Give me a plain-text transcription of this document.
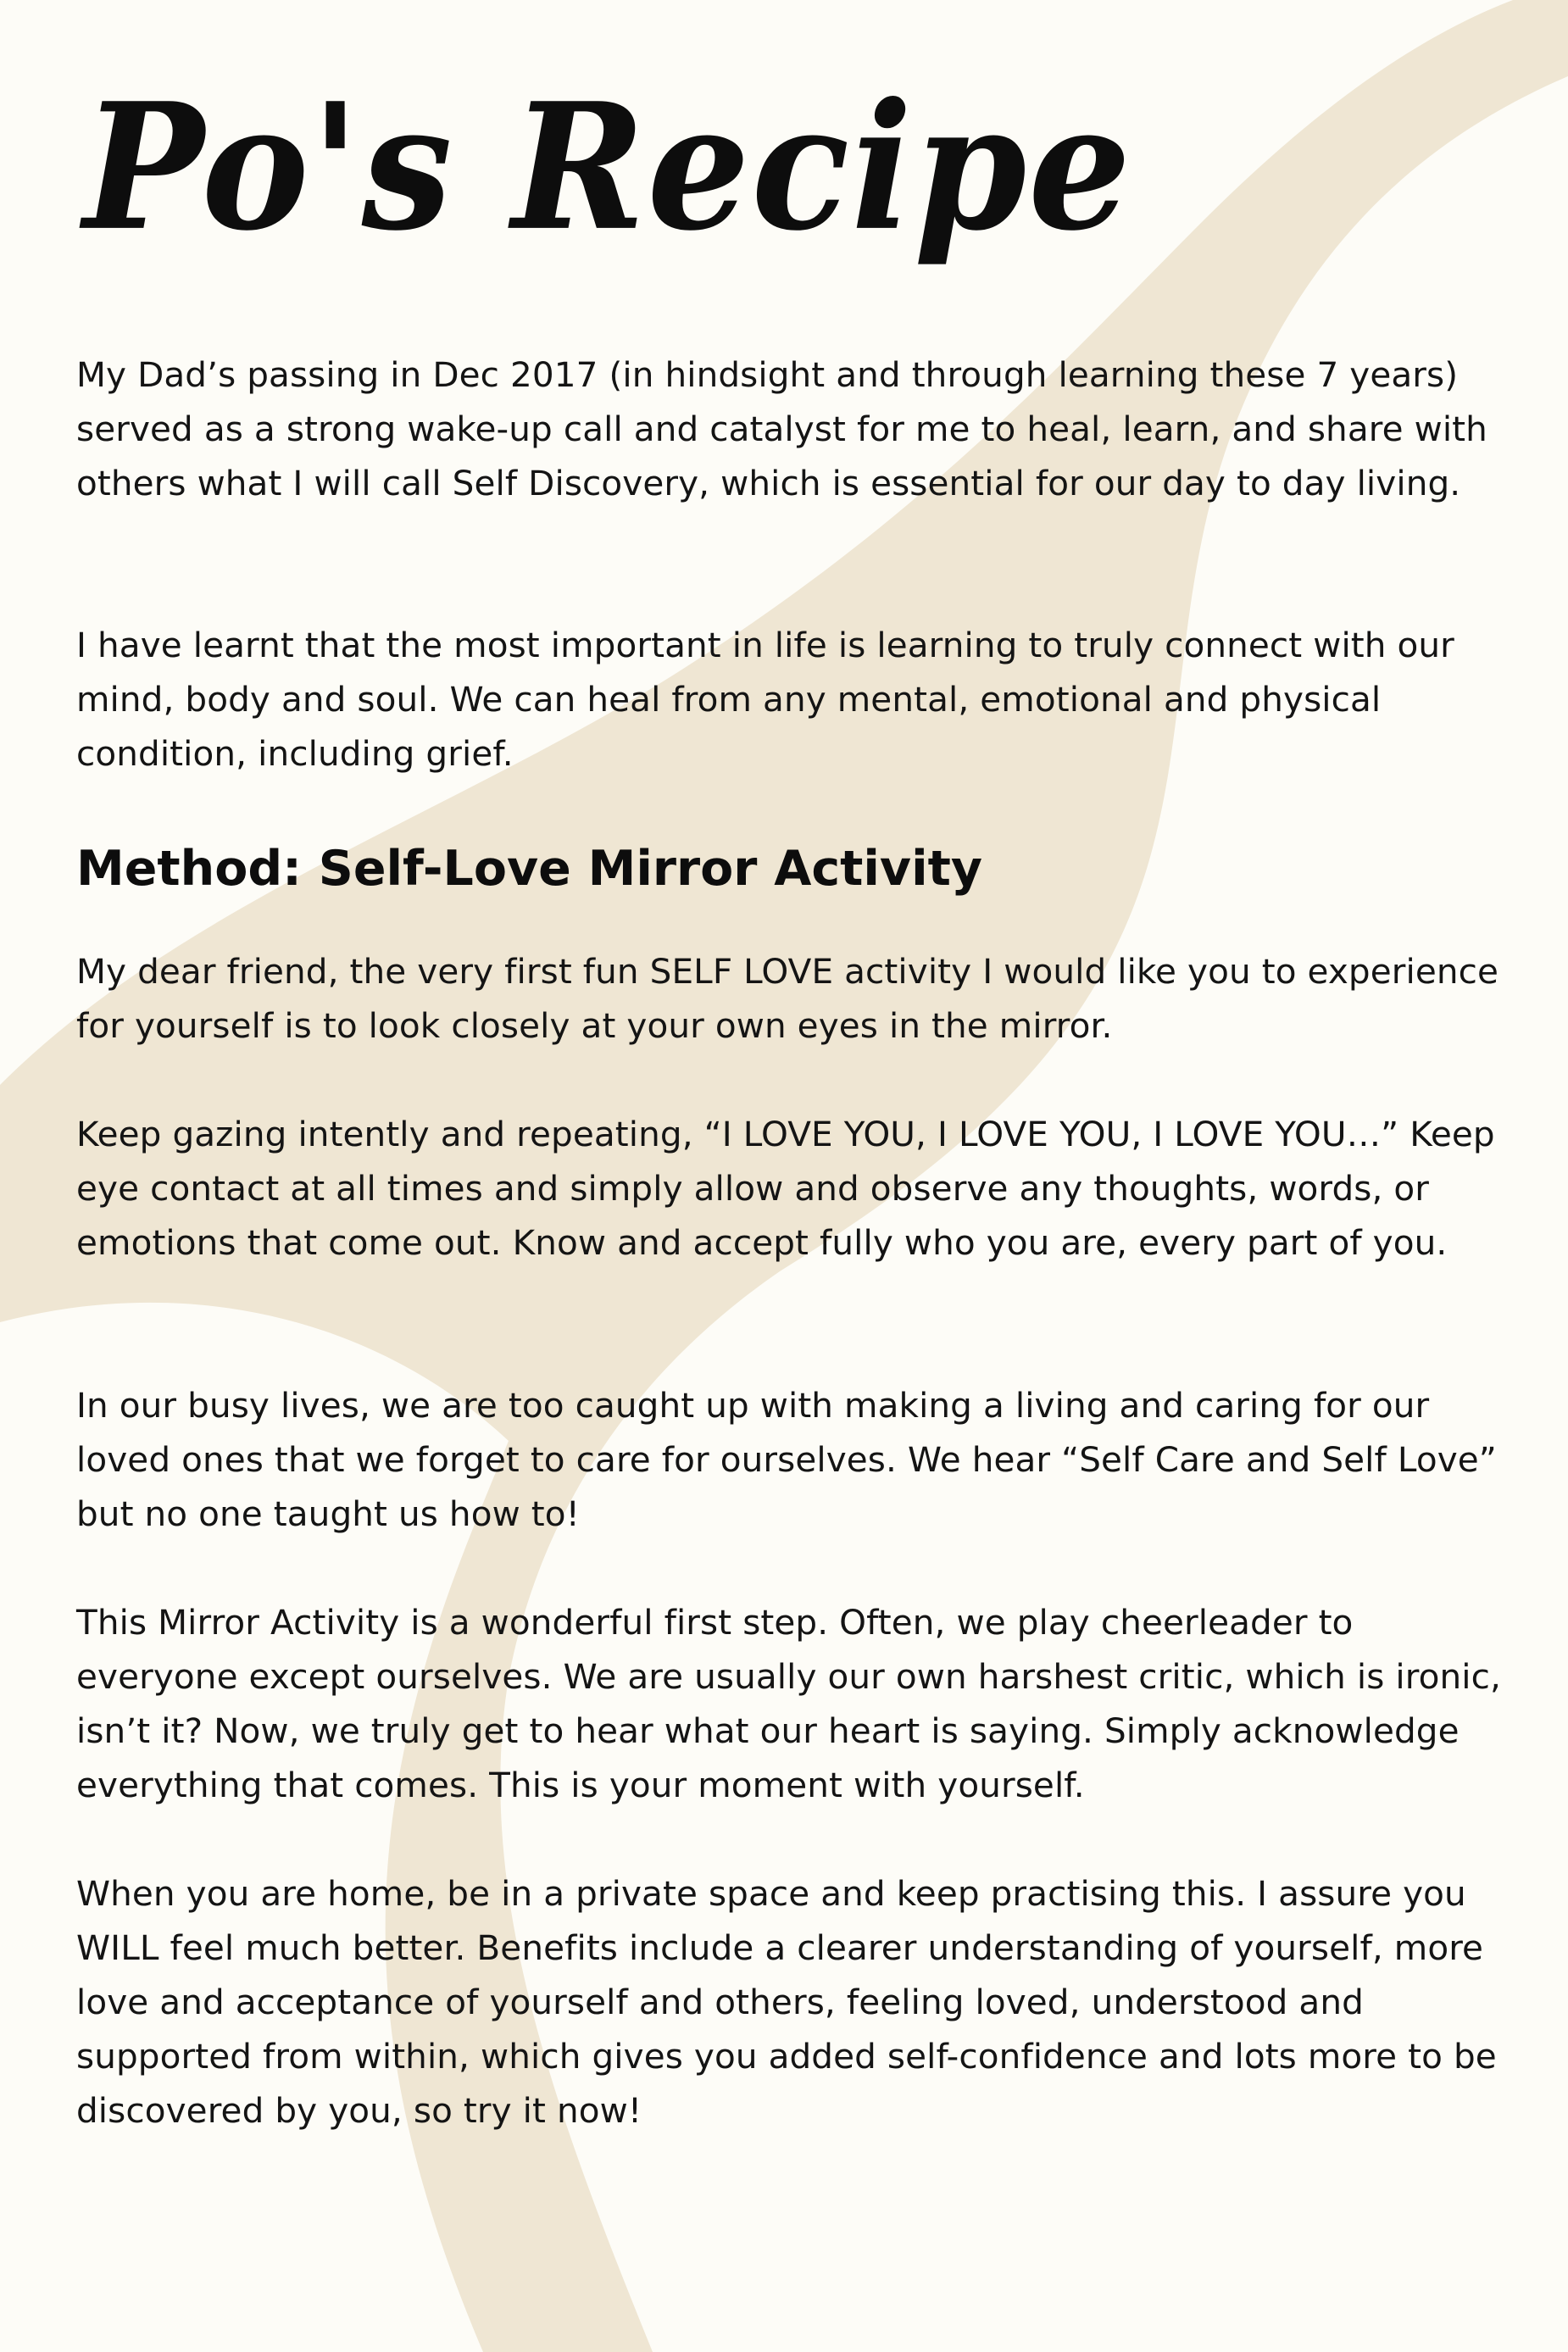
Po's Recipe

My Dad’s passing in Dec 2017 (in hindsight and through learning these 7 years) served as a strong wake-up call and catalyst for me to heal, learn, and share with others what I will call Self Discovery, which is essential for our day to day living.

I have learnt that the most important in life is learning to truly connect with our mind, body and soul. We can heal from any mental, emotional and physical condition, including grief.

Method: Self-Love Mirror Activity

My dear friend, the very first fun SELF LOVE activity I would like you to experience for yourself is to look closely at your own eyes in the mirror.

Keep gazing intently and repeating, “I LOVE YOU, I LOVE YOU, I LOVE YOU…” Keep eye contact at all times and simply allow and observe any thoughts, words, or emotions that come out. Know and accept fully who you are, every part of you.

In our busy lives, we are too caught up with making a living and caring for our loved ones that we forget to care for ourselves. We hear “Self Care and Self Love” but no one taught us how to!

This Mirror Activity is a wonderful first step. Often, we play cheerleader to everyone except ourselves. We are usually our own harshest critic, which is ironic, isn’t it? Now, we truly get to hear what our heart is saying. Simply acknowledge everything that comes. This is your moment with yourself.

When you are home, be in a private space and keep practising this. I assure you WILL feel much better. Benefits include a clearer understanding of yourself, more love and acceptance of yourself and others, feeling loved, understood and supported from within, which gives you added self-confidence and lots more to be discovered by you, so try it now!
